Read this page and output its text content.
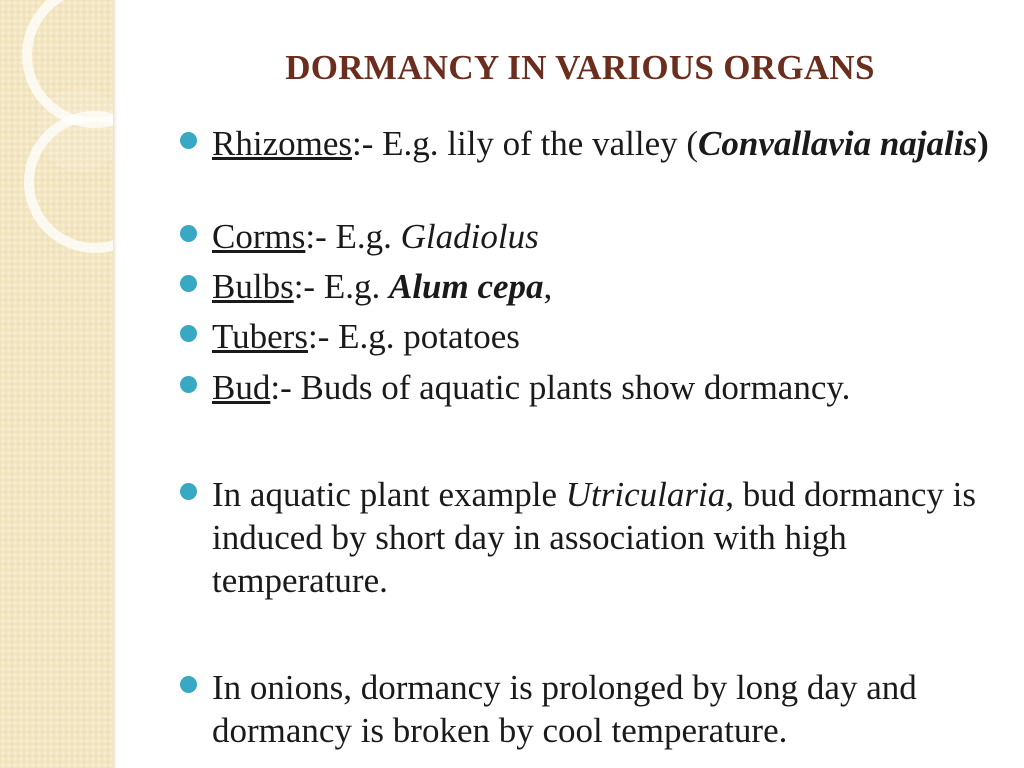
DORMANCY IN VARIOUS ORGANS
Rhizomes:- E.g. lily of the valley (Convallavia najalis)
Corms:- E.g. Gladiolus
Bulbs:- E.g. Alum cepa,
Tubers:- E.g. potatoes
Bud:- Buds of aquatic plants show dormancy.
In aquatic plant example Utricularia, bud dormancy is induced by short day in association with high temperature.
In onions, dormancy is prolonged by long day and dormancy is broken by cool temperature.
